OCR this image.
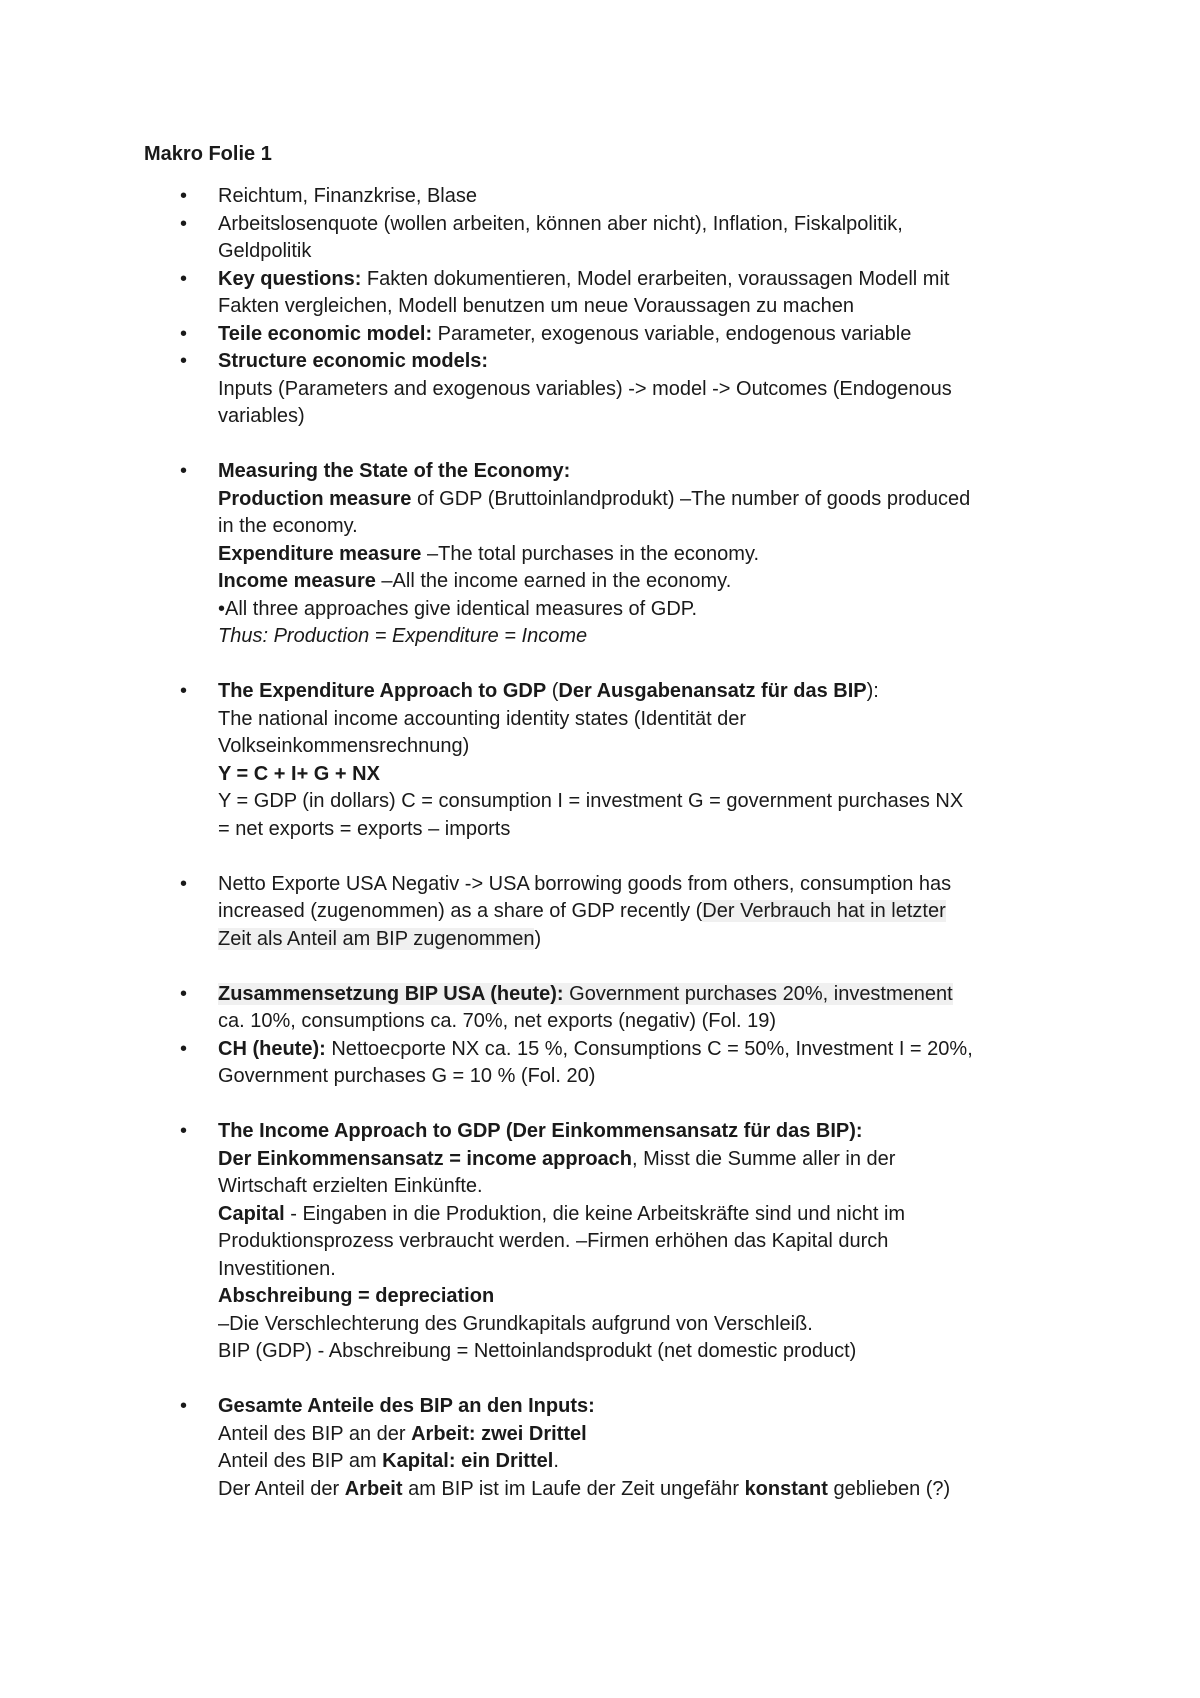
Makro Folie 1
• Reichtum, Finanzkrise, Blase
• Arbeitslosenquote (wollen arbeiten, können aber nicht), Inflation, Fiskalpolitik,
Geldpolitik
• Key questions: Fakten dokumentieren, Model erarbeiten, voraussagen Modell mit
Fakten vergleichen, Modell benutzen um neue Voraussagen zu machen
• Teile economic model: Parameter, exogenous variable, endogenous variable
• Structure economic models:
Inputs (Parameters and exogenous variables) -> model -> Outcomes (Endogenous
variables)
• Measuring the State of the Economy:
Production measure of GDP (Bruttoinlandprodukt) –The number of goods produced
in the economy.
Expenditure measure –The total purchases in the economy.
Income measure –All the income earned in the economy.
•All three approaches give identical measures of GDP.
Thus: Production = Expenditure = Income
• The Expenditure Approach to GDP (Der Ausgabenansatz für das BIP):
The national income accounting identity states (Identität der
Volkseinkommensrechnung)
Y = C + I+ G + NX
Y = GDP (in dollars) C = consumption I = investment G = government purchases NX
= net exports = exports – imports
• Netto Exporte USA Negativ -> USA borrowing goods from others, consumption has
increased (zugenommen) as a share of GDP recently (Der Verbrauch hat in letzter
Zeit als Anteil am BIP zugenommen)
• Zusammensetzung BIP USA (heute): Government purchases 20%, investmenent
ca. 10%, consumptions ca. 70%, net exports (negativ) (Fol. 19)
• CH (heute): Nettoecporte NX ca. 15 %, Consumptions C = 50%, Investment I = 20%,
Government purchases G = 10 % (Fol. 20)
• The Income Approach to GDP (Der Einkommensansatz für das BIP):
Der Einkommensansatz = income approach, Misst die Summe aller in der
Wirtschaft erzielten Einkünfte.
Capital - Eingaben in die Produktion, die keine Arbeitskräfte sind und nicht im
Produktionsprozess verbraucht werden. –Firmen erhöhen das Kapital durch
Investitionen.
Abschreibung = depreciation
–Die Verschlechterung des Grundkapitals aufgrund von Verschleiß.
BIP (GDP) - Abschreibung = Nettoinlandsprodukt (net domestic product)
• Gesamte Anteile des BIP an den Inputs:
Anteil des BIP an der Arbeit: zwei Drittel
Anteil des BIP am Kapital: ein Drittel.
Der Anteil der Arbeit am BIP ist im Laufe der Zeit ungefähr konstant geblieben (?)
